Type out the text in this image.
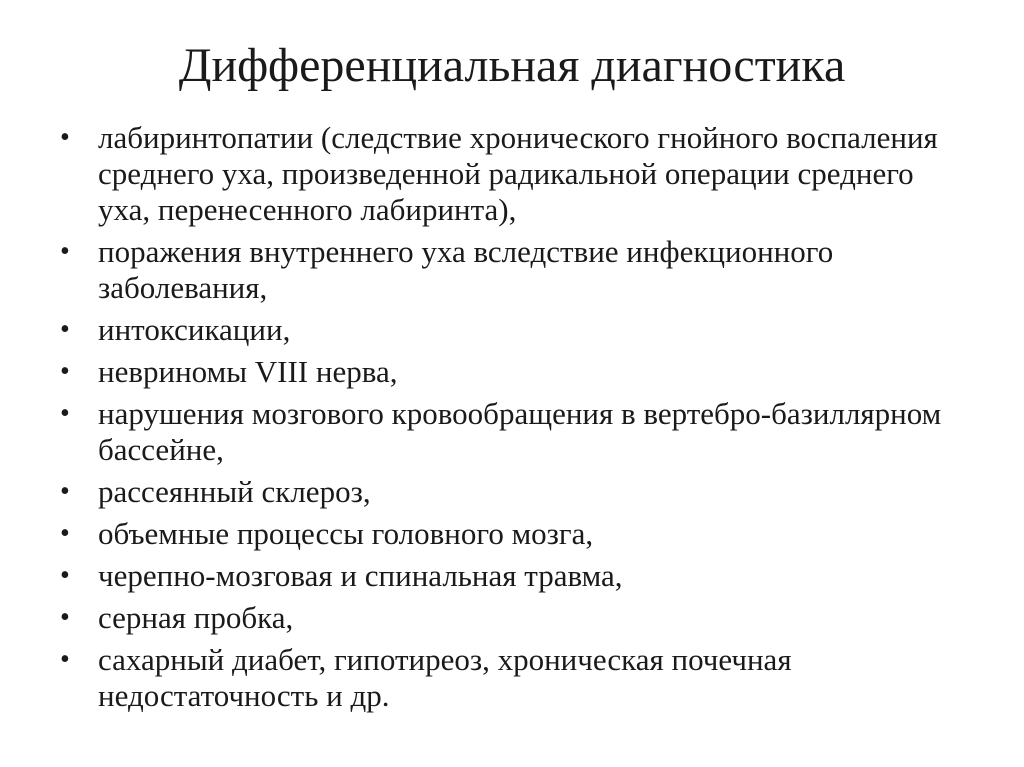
Дифференциальная диагностика
• лабиринтопатии (следствие хронического гнойного воспаления среднего уха, произведенной радикальной операции среднего уха, перенесенного лабиринта),
• поражения внутреннего уха вследствие инфекционного заболевания,
• интоксикации,
• невриномы VIII нерва,
• нарушения мозгового кровообращения в вертебро-базиллярном бассейне,
• рассеянный склероз,
• объемные процессы головного мозга,
• черепно-мозговая и спинальная травма,
• серная пробка,
• сахарный диабет, гипотиреоз, хроническая почечная недостаточность и др.
